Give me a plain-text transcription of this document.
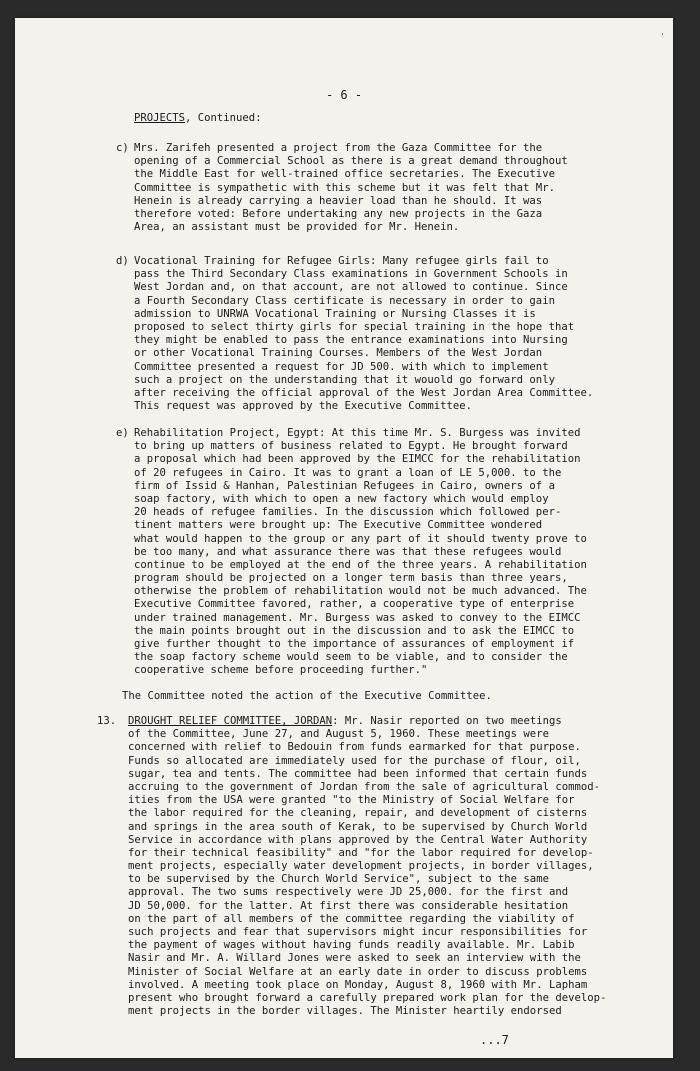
'
- 6 -
PROJECTS, Continued:
c) Mrs. Zarifeh presented a project from the Gaza Committee for the
opening of a Commercial School as there is a great demand throughout
the Middle East for well-trained office secretaries. The Executive
Committee is sympathetic with this scheme but it was felt that Mr.
Henein is already carrying a heavier load than he should. It was
therefore voted: Before undertaking any new projects in the Gaza
Area, an assistant must be provided for Mr. Henein.
d) Vocational Training for Refugee Girls: Many refugee girls fail to
pass the Third Secondary Class examinations in Government Schools in
West Jordan and, on that account, are not allowed to continue. Since
a Fourth Secondary Class certificate is necessary in order to gain
admission to UNRWA Vocational Training or Nursing Classes it is
proposed to select thirty girls for special training in the hope that
they might be enabled to pass the entrance examinations into Nursing
or other Vocational Training Courses. Members of the West Jordan
Committee presented a request for JD 500. with which to implement
such a project on the understanding that it wouold go forward only
after receiving the official approval of the West Jordan Area Committee.
This request was approved by the Executive Committee.
e) Rehabilitation Project, Egypt: At this time Mr. S. Burgess was invited
to bring up matters of business related to Egypt. He brought forward
a proposal which had been approved by the EIMCC for the rehabilitation
of 20 refugees in Cairo. It was to grant a loan of LE 5,000. to the
firm of Issid & Hanhan, Palestinian Refugees in Cairo, owners of a
soap factory, with which to open a new factory which would employ
20 heads of refugee families. In the discussion which followed per-
tinent matters were brought up: The Executive Committee wondered
what would happen to the group or any part of it should twenty prove to
be too many, and what assurance there was that these refugees would
continue to be employed at the end of the three years. A rehabilitation
program should be projected on a longer term basis than three years,
otherwise the problem of rehabilitation would not be much advanced. The
Executive Committee favored, rather, a cooperative type of enterprise
under trained management. Mr. Burgess was asked to convey to the EIMCC
the main points brought out in the discussion and to ask the EIMCC to
give further thought to the importance of assurances of employment if
the soap factory scheme would seem to be viable, and to consider the
cooperative scheme before proceeding further."
The Committee noted the action of the Executive Committee.
13. DROUGHT RELIEF COMMITTEE, JORDAN: Mr. Nasir reported on two meetings
of the Committee, June 27, and August 5, 1960. These meetings were
concerned with relief to Bedouin from funds earmarked for that purpose.
Funds so allocated are immediately used for the purchase of flour, oil,
sugar, tea and tents. The committee had been informed that certain funds
accruing to the government of Jordan from the sale of agricultural commod-
ities from the USA were granted "to the Ministry of Social Welfare for
the labor required for the cleaning, repair, and development of cisterns
and springs in the area south of Kerak, to be supervised by Church World
Service in accordance with plans approved by the Central Water Authority
for their technical feasibility" and "for the labor required for develop-
ment projects, especially water development projects, in border villages,
to be supervised by the Church World Service", subject to the same
approval. The two sums respectively were JD 25,000. for the first and
JD 50,000. for the latter. At first there was considerable hesitation
on the part of all members of the committee regarding the viability of
such projects and fear that supervisors might incur responsibilities for
the payment of wages without having funds readily available. Mr. Labib
Nasir and Mr. A. Willard Jones were asked to seek an interview with the
Minister of Social Welfare at an early date in order to discuss problems
involved. A meeting took place on Monday, August 8, 1960 with Mr. Lapham
present who brought forward a carefully prepared work plan for the develop-
ment projects in the border villages. The Minister heartily endorsed
...7
